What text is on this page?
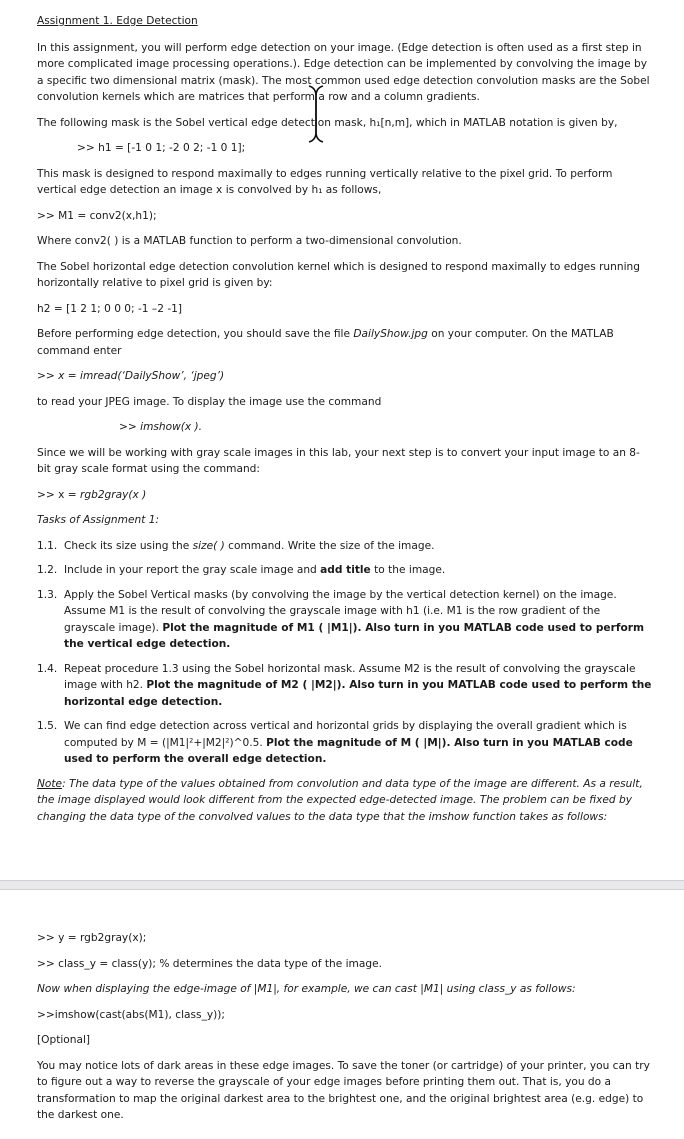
Assignment 1. Edge Detection

In this assignment, you will perform edge detection on your image. (Edge detection is often used as a first step in more complicated image processing operations.). Edge detection can be implemented by convolving the image by a specific two dimensional matrix (mask). The most common used edge detection convolution masks are the Sobel convolution kernels which are matrices that perform a row and a column gradients.

The following mask is the Sobel vertical edge detection mask, h₁[n,m], which in MATLAB notation is given by,

>> h1 = [-1 0 1; -2 0 2; -1 0 1];

This mask is designed to respond maximally to edges running vertically relative to the pixel grid. To perform vertical edge detection an image x is convolved by h₁ as follows,

>> M1 = conv2(x,h1);

Where conv2( ) is a MATLAB function to perform a two-dimensional convolution.

The Sobel horizontal edge detection convolution kernel which is designed to respond maximally to edges running horizontally relative to pixel grid is given by:

h2 = [1 2 1; 0 0 0; -1 –2 -1]

Before performing edge detection, you should save the file DailyShow.jpg on your computer. On the MATLAB command enter

>> x = imread(‘DailyShow’, ‘jpeg’)

to read your JPEG image. To display the image use the command

>> imshow(x ).

Since we will be working with gray scale images in this lab, your next step is to convert your input image to an 8-bit gray scale format using the command:

>> x = rgb2gray(x )

Tasks of Assignment 1:

1.1. Check its size using the size( ) command. Write the size of the image.
1.2. Include in your report the gray scale image and add title to the image.
1.3. Apply the Sobel Vertical masks (by convolving the image by the vertical detection kernel) on the image. Assume M1 is the result of convolving the grayscale image with h1 (i.e. M1 is the row gradient of the grayscale image). Plot the magnitude of M1 ( |M1|). Also turn in you MATLAB code used to perform the vertical edge detection.
1.4. Repeat procedure 1.3 using the Sobel horizontal mask. Assume M2 is the result of convolving the grayscale image with h2. Plot the magnitude of M2 ( |M2|). Also turn in you MATLAB code used to perform the horizontal edge detection.
1.5. We can find edge detection across vertical and horizontal grids by displaying the overall gradient which is computed by M = (|M1|²+|M2|²)^0.5. Plot the magnitude of M ( |M|). Also turn in you MATLAB code used to perform the overall edge detection.

Note: The data type of the values obtained from convolution and data type of the image are different. As a result, the image displayed would look different from the expected edge-detected image. The problem can be fixed by changing the data type of the convolved values to the data type that the imshow function takes as follows:

>> y = rgb2gray(x);

>> class_y = class(y); % determines the data type of the image.

Now when displaying the edge-image of |M1|, for example, we can cast |M1| using class_y as follows:

>>imshow(cast(abs(M1), class_y));

[Optional]

You may notice lots of dark areas in these edge images. To save the toner (or cartridge) of your printer, you can try to figure out a way to reverse the grayscale of your edge images before printing them out. That is, you do a transformation to map the original darkest area to the brightest one, and the original brightest area (e.g. edge) to the darkest one.
